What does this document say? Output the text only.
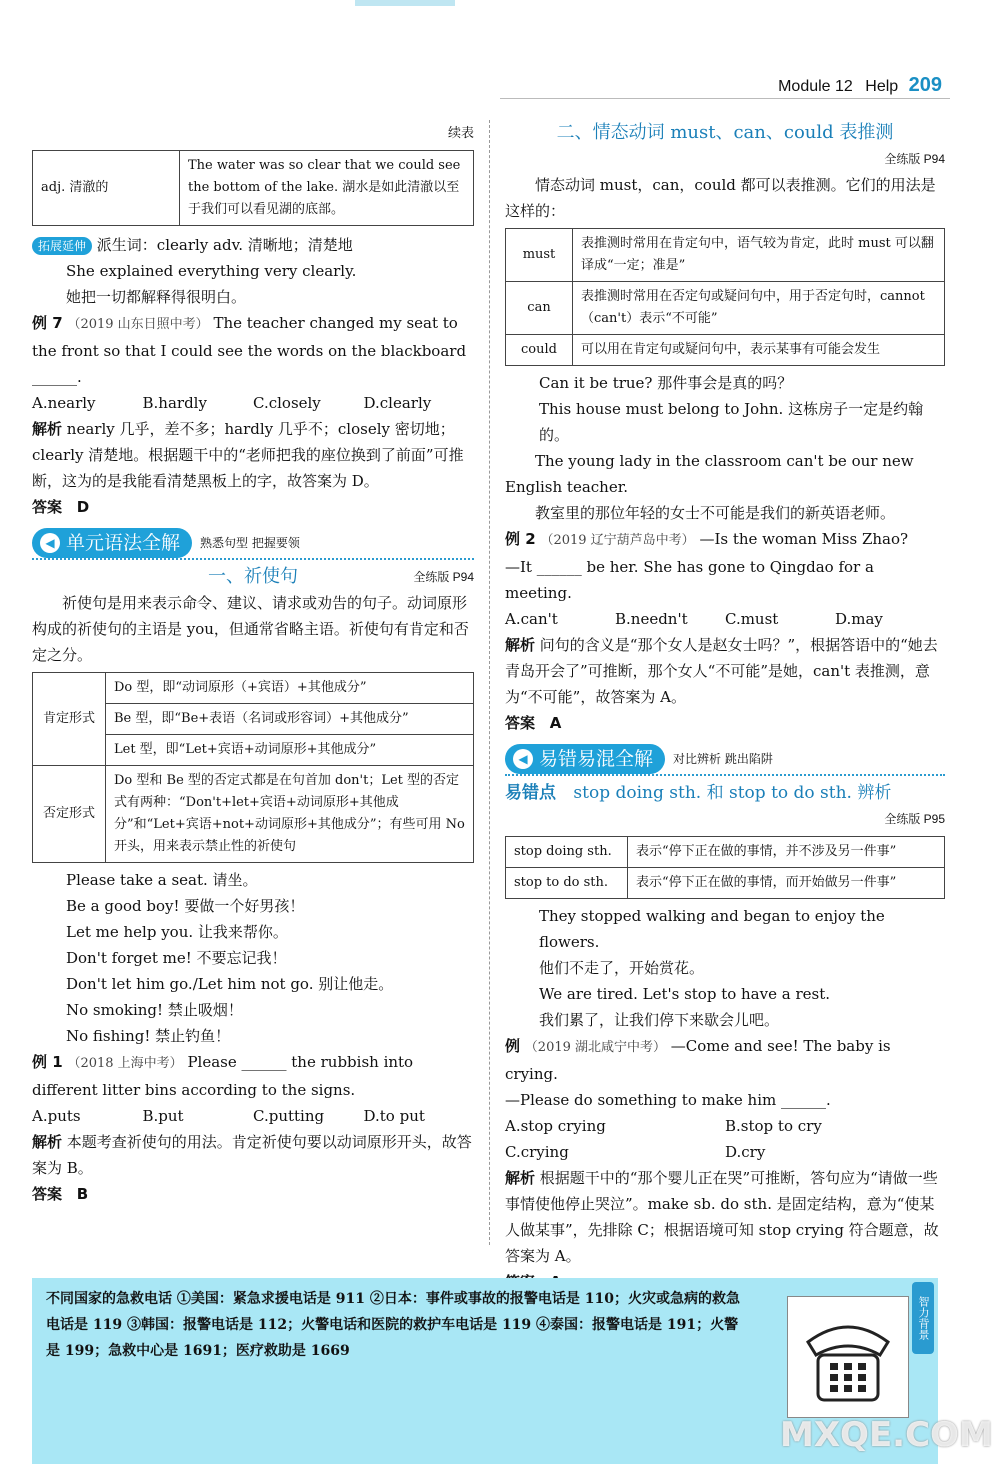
Module 12 Help 209
续表
adj. 清澈的	The water was so clear that we could see the bottom of the lake. 湖水是如此清澈以至于我们可以看见湖的底部。

拓展延伸 派生词：clearly adv. 清晰地；清楚地

She explained everything very clearly.

她把一切都解释得很明白。

例 7 （2019 山东日照中考） The teacher changed my seat to the front so that I could see the words on the blackboard ______.

A.nearly	B.hardly	C.closely	D.clearly

解析 nearly 几乎，差不多；hardly 几乎不；closely 密切地；clearly 清楚地。根据题干中的“老师把我的座位换到了前面”可推断，这为的是我能看清楚黑板上的字，故答案为 D。

答案 D

◀ 单元语法全解 熟悉句型 把握要领
一、祈使句	全练版 P94

祈使句是用来表示命令、建议、请求或劝告的句子。动词原形构成的祈使句的主语是 you，但通常省略主语。祈使句有肯定和否定之分。

肯定形式	Do 型，即“动词原形（+宾语）+其他成分”
	Be 型，即“Be+表语（名词或形容词）+其他成分”
	Let 型，即“Let+宾语+动词原形+其他成分”
否定形式	Do 型和 Be 型的否定式都是在句首加 don't；Let 型的否定式有两种：“Don't+let+宾语+动词原形+其他成分”和“Let+宾语+not+动词原形+其他成分”；有些可用 No 开头，用来表示禁止性的祈使句

Please take a seat. 请坐。

Be a good boy! 要做一个好男孩！

Let me help you. 让我来帮你。

Don't forget me! 不要忘记我！

Don't let him go./Let him not go. 别让他走。

No smoking! 禁止吸烟！

No fishing! 禁止钓鱼！

例 1 （2018 上海中考） Please ______ the rubbish into different litter bins according to the signs.

A.puts	B.put	C.putting	D.to put

解析 本题考查祈使句的用法。肯定祈使句要以动词原形开头，故答案为 B。

答案 B

二、情态动词 must、can、could 表推测
全练版 P94

情态动词 must，can，could 都可以表推测。它们的用法是这样的：

must	表推测时常用在肯定句中，语气较为肯定，此时 must 可以翻译成“一定；准是”
can	表推测时常用在否定句或疑问句中，用于否定句时，cannot（can't）表示“不可能”
could	可以用在肯定句或疑问句中，表示某事有可能会发生

Can it be true? 那件事会是真的吗？

This house must belong to John. 这栋房子一定是约翰的。

The young lady in the classroom can't be our new English teacher.

教室里的那位年轻的女士不可能是我们的新英语老师。

例 2 （2019 辽宁葫芦岛中考） —Is the woman Miss Zhao?

—It ______ be her. She has gone to Qingdao for a meeting.

A.can't	B.needn't	C.must	D.may

解析 问句的含义是“那个女人是赵女士吗？”，根据答语中的“她去青岛开会了”可推断，那个女人“不可能”是她，can't 表推测，意为“不可能”，故答案为 A。

答案 A

◀ 易错易混全解 对比辨析 跳出陷阱

易错点 stop doing sth. 和 stop to do sth. 辨析

全练版 P95
stop doing sth.	表示“停下正在做的事情，并不涉及另一件事”
stop to do sth.	表示“停下正在做的事情，而开始做另一件事”

They stopped walking and began to enjoy the flowers.

他们不走了，开始赏花。

We are tired. Let's stop to have a rest.

我们累了，让我们停下来歇会儿吧。

例 （2019 湖北咸宁中考） —Come and see! The baby is crying.

—Please do something to make him ______.

A.stop crying	B.stop to cry
C.crying	D.cry

解析 根据题干中的“那个婴儿正在哭”可推断，答句应为“请做一些事情使他停止哭泣”。make sb. do sth. 是固定结构，意为“使某人做某事”，先排除 C；根据语境可知 stop crying 符合题意，故答案为 A。

不同国家的急救电话 ①美国：紧急求援电话是 911 ②日本：事件或事故的报警电话是 110；火灾或急病的救急电话是 119 ③韩国：报警电话是 112；火警电话和医院的救护车电话是 119 ④泰国：报警电话是 191；火警是 199；急救中心是 1691；医疗救助是 1669
智力背景
MXQE.COM
